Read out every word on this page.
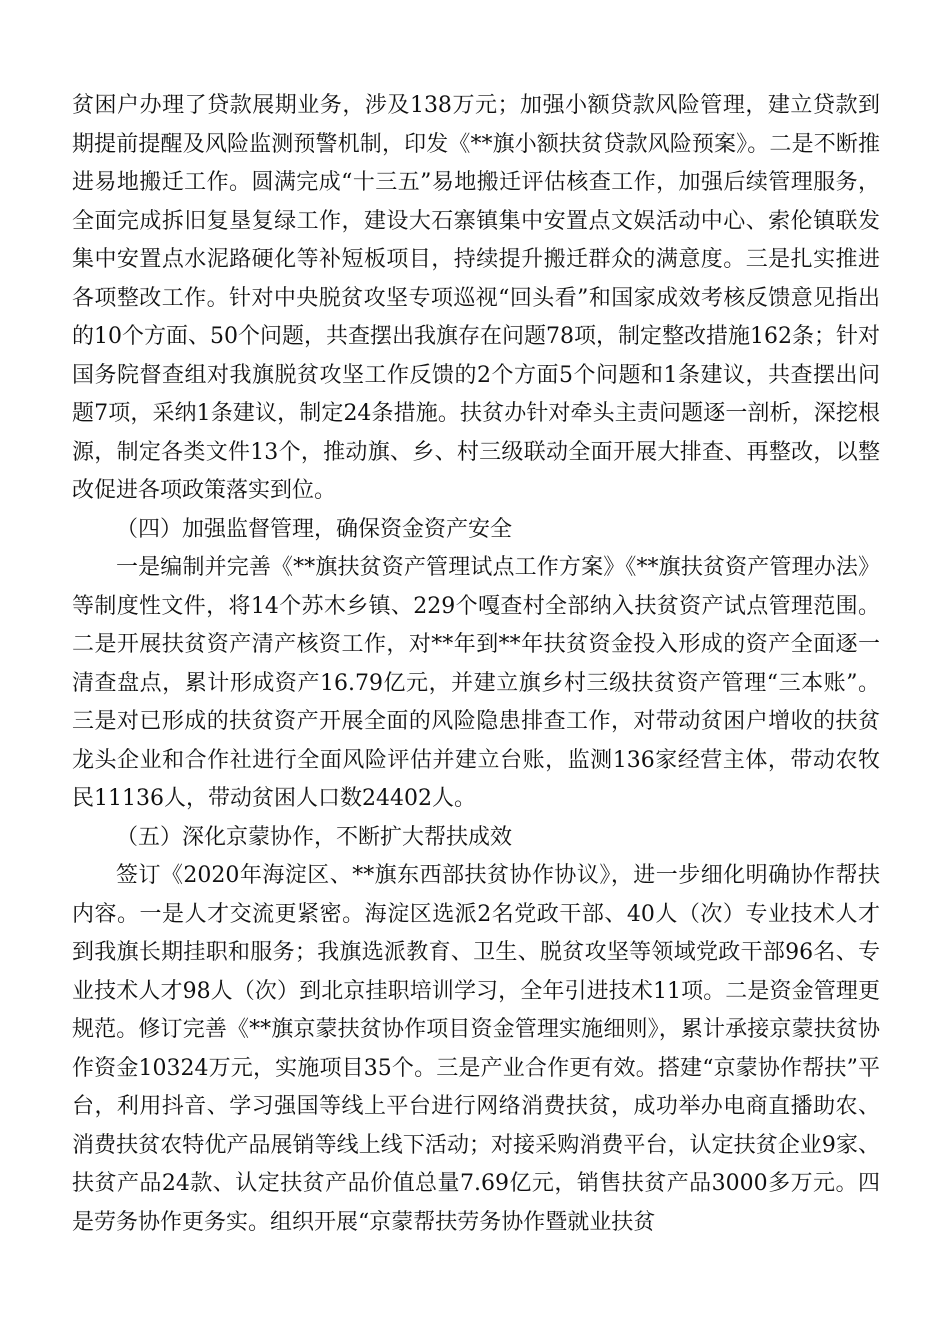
贫困户办理了贷款展期业务，涉及138万元；加强小额贷款风险管理，建立贷款到期提前提醒及风险监测预警机制，印发《**旗小额扶贫贷款风险预案》。二是不断推进易地搬迁工作。圆满完成“十三五”易地搬迁评估核查工作，加强后续管理服务，全面完成拆旧复垦复绿工作，建设大石寨镇集中安置点文娱活动中心、索伦镇联发集中安置点水泥路硬化等补短板项目，持续提升搬迁群众的满意度。三是扎实推进各项整改工作。针对中央脱贫攻坚专项巡视“回头看”和国家成效考核反馈意见指出的10个方面、50个问题，共查摆出我旗存在问题78项，制定整改措施162条；针对国务院督查组对我旗脱贫攻坚工作反馈的2个方面5个问题和1条建议，共查摆出问题7项，采纳1条建议，制定24条措施。扶贫办针对牵头主责问题逐一剖析，深挖根源，制定各类文件13个，推动旗、乡、村三级联动全面开展大排查、再整改，以整改促进各项政策落实到位。

（四）加强监督管理，确保资金资产安全

一是编制并完善《**旗扶贫资产管理试点工作方案》《**旗扶贫资产管理办法》等制度性文件，将14个苏木乡镇、229个嘎查村全部纳入扶贫资产试点管理范围。二是开展扶贫资产清产核资工作，对**年到**年扶贫资金投入形成的资产全面逐一清查盘点，累计形成资产16.79亿元，并建立旗乡村三级扶贫资产管理“三本账”。三是对已形成的扶贫资产开展全面的风险隐患排查工作，对带动贫困户增收的扶贫龙头企业和合作社进行全面风险评估并建立台账，监测136家经营主体，带动农牧民11136人，带动贫困人口数24402人。

（五）深化京蒙协作，不断扩大帮扶成效

签订《2020年海淀区、**旗东西部扶贫协作协议》，进一步细化明确协作帮扶内容。一是人才交流更紧密。海淀区选派2名党政干部、40人（次）专业技术人才到我旗长期挂职和服务；我旗选派教育、卫生、脱贫攻坚等领域党政干部96名、专业技术人才98人（次）到北京挂职培训学习，全年引进技术11项。二是资金管理更规范。修订完善《**旗京蒙扶贫协作项目资金管理实施细则》，累计承接京蒙扶贫协作资金10324万元，实施项目35个。三是产业合作更有效。搭建“京蒙协作帮扶”平台，利用抖音、学习强国等线上平台进行网络消费扶贫，成功举办电商直播助农、消费扶贫农特优产品展销等线上线下活动；对接采购消费平台，认定扶贫企业9家、扶贫产品24款、认定扶贫产品价值总量7.69亿元，销售扶贫产品3000多万元。四是劳务协作更务实。组织开展“京蒙帮扶劳务协作暨就业扶贫
